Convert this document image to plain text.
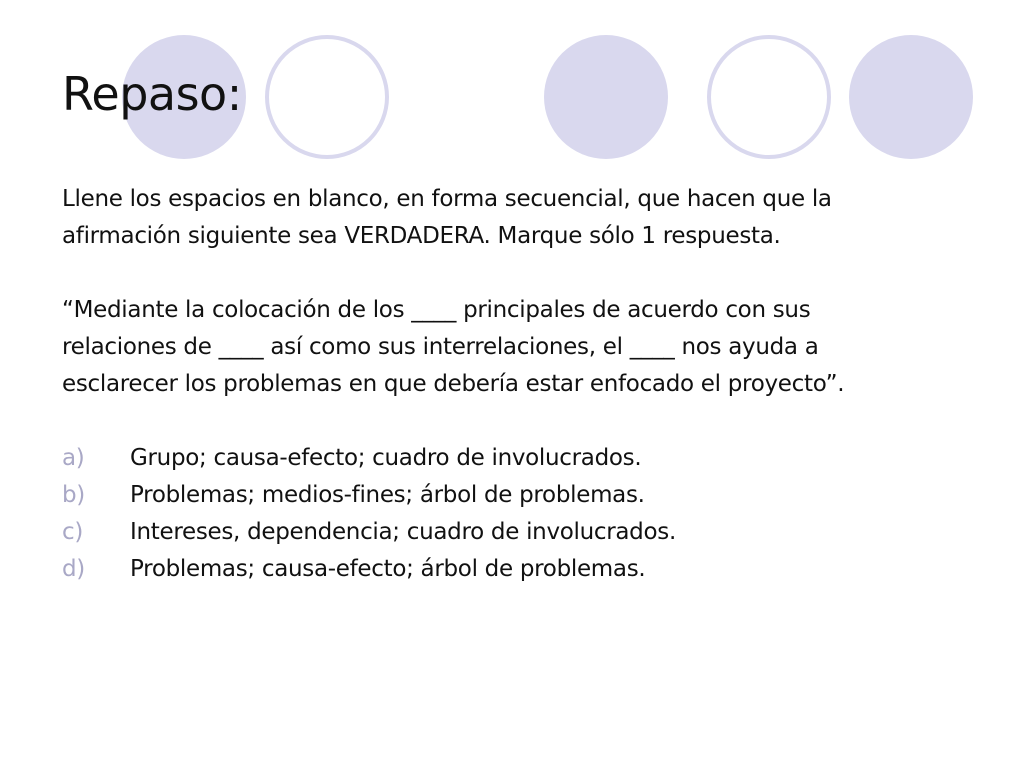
Repaso:

Llene los espacios en blanco, en forma secuencial, que hacen que la

afirmación siguiente sea VERDADERA. Marque sólo 1 respuesta.

“Mediante la colocación de los ____ principales de acuerdo con sus

relaciones de ____ así como sus interrelaciones, el ____ nos ayuda a

esclarecer los problemas en que debería estar enfocado el proyecto”.

a)	Grupo; causa-efecto; cuadro de involucrados.
b)	Problemas; medios-fines; árbol de problemas.
c)	Intereses, dependencia; cuadro de involucrados.
d)	Problemas; causa-efecto; árbol de problemas.
